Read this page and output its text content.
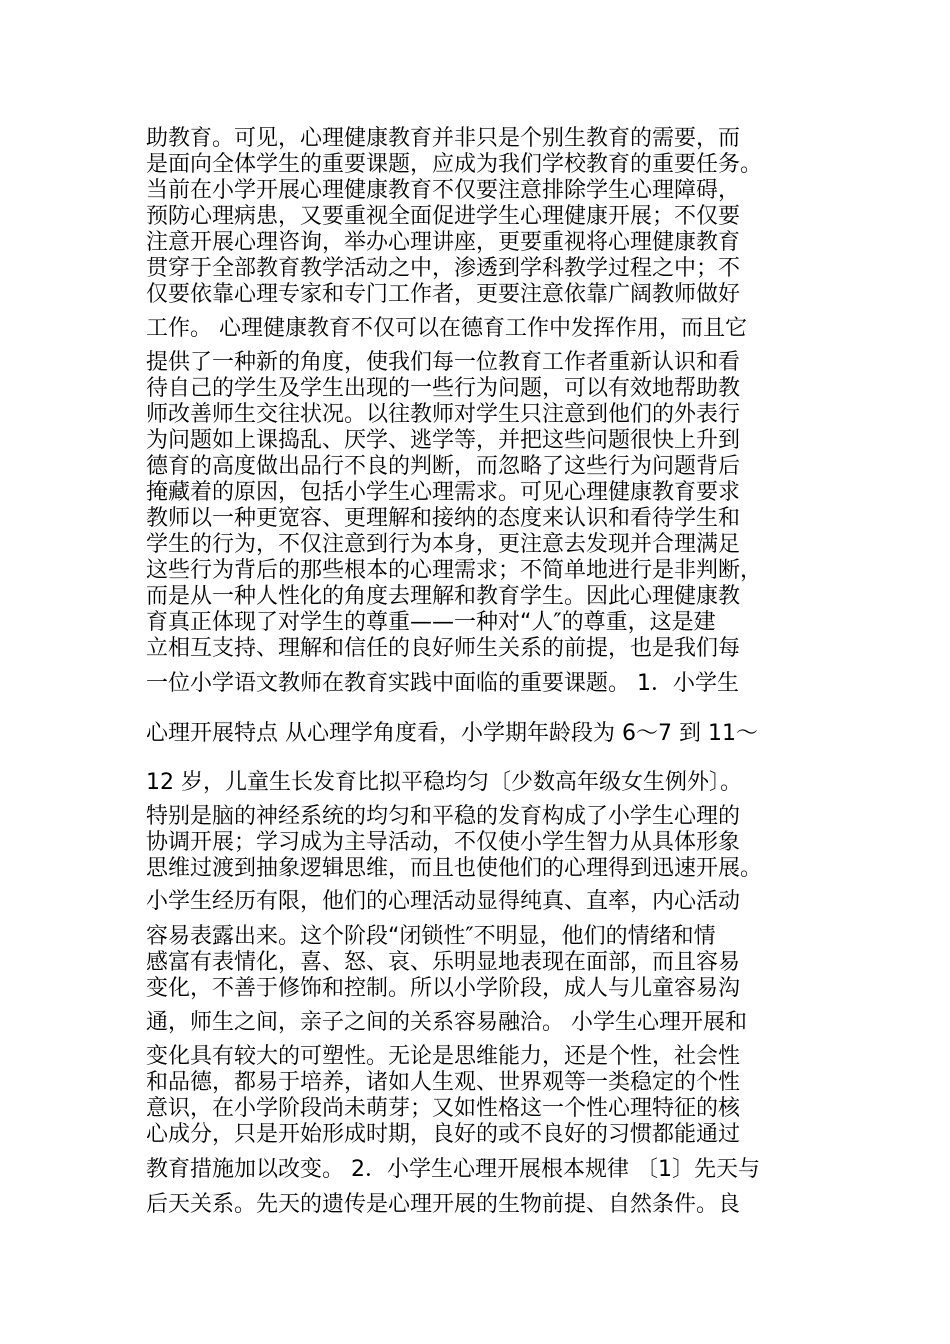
助教育。可见，心理健康教育并非只是个别生教育的需要，而
是面向全体学生的重要课题，应成为我们学校教育的重要任务。
当前在小学开展心理健康教育不仅要注意排除学生心理障碍，
预防心理病患，又要重视全面促进学生心理健康开展；不仅要
注意开展心理咨询，举办心理讲座，更要重视将心理健康教育
贯穿于全部教育教学活动之中，渗透到学科教学过程之中；不
仅要依靠心理专家和专门工作者，更要注意依靠广阔教师做好
工作。 心理健康教育不仅可以在德育工作中发挥作用，而且它
提供了一种新的角度，使我们每一位教育工作者重新认识和看
待自己的学生及学生出现的一些行为问题，可以有效地帮助教
师改善师生交往状况。以往教师对学生只注意到他们的外表行
为问题如上课捣乱、厌学、逃学等，并把这些问题很快上升到
德育的高度做出品行不良的判断，而忽略了这些行为问题背后
掩藏着的原因，包括小学生心理需求。可见心理健康教育要求
教师以一种更宽容、更理解和接纳的态度来认识和看待学生和
学生的行为，不仅注意到行为本身，更注意去发现并合理满足
这些行为背后的那些根本的心理需求；不简单地进行是非判断，
而是从一种人性化的角度去理解和教育学生。因此心理健康教
育真正体现了对学生的尊重——一种对“人″的尊重，这是建
立相互支持、理解和信任的良好师生关系的前提，也是我们每
一位小学语文教师在教育实践中面临的重要课题。 1．小学生
心理开展特点 从心理学角度看，小学期年龄段为 6～7 到 11～
12 岁，儿童生长发育比拟平稳均匀〔少数高年级女生例外〕。
特别是脑的神经系统的均匀和平稳的发育构成了小学生心理的
协调开展；学习成为主导活动，不仅使小学生智力从具体形象
思维过渡到抽象逻辑思维，而且也使他们的心理得到迅速开展。
小学生经历有限，他们的心理活动显得纯真、直率，内心活动
容易表露出来。这个阶段“闭锁性″不明显，他们的情绪和情
感富有表情化，喜、怒、哀、乐明显地表现在面部，而且容易
变化，不善于修饰和控制。所以小学阶段，成人与儿童容易沟
通，师生之间，亲子之间的关系容易融洽。 小学生心理开展和
变化具有较大的可塑性。无论是思维能力，还是个性，社会性
和品德，都易于培养，诸如人生观、世界观等一类稳定的个性
意识，在小学阶段尚未萌芽；又如性格这一个性心理特征的核
心成分，只是开始形成时期，良好的或不良好的习惯都能通过
教育措施加以改变。 2．小学生心理开展根本规律 〔1〕先天与
后天关系。先天的遗传是心理开展的生物前提、自然条件。良
